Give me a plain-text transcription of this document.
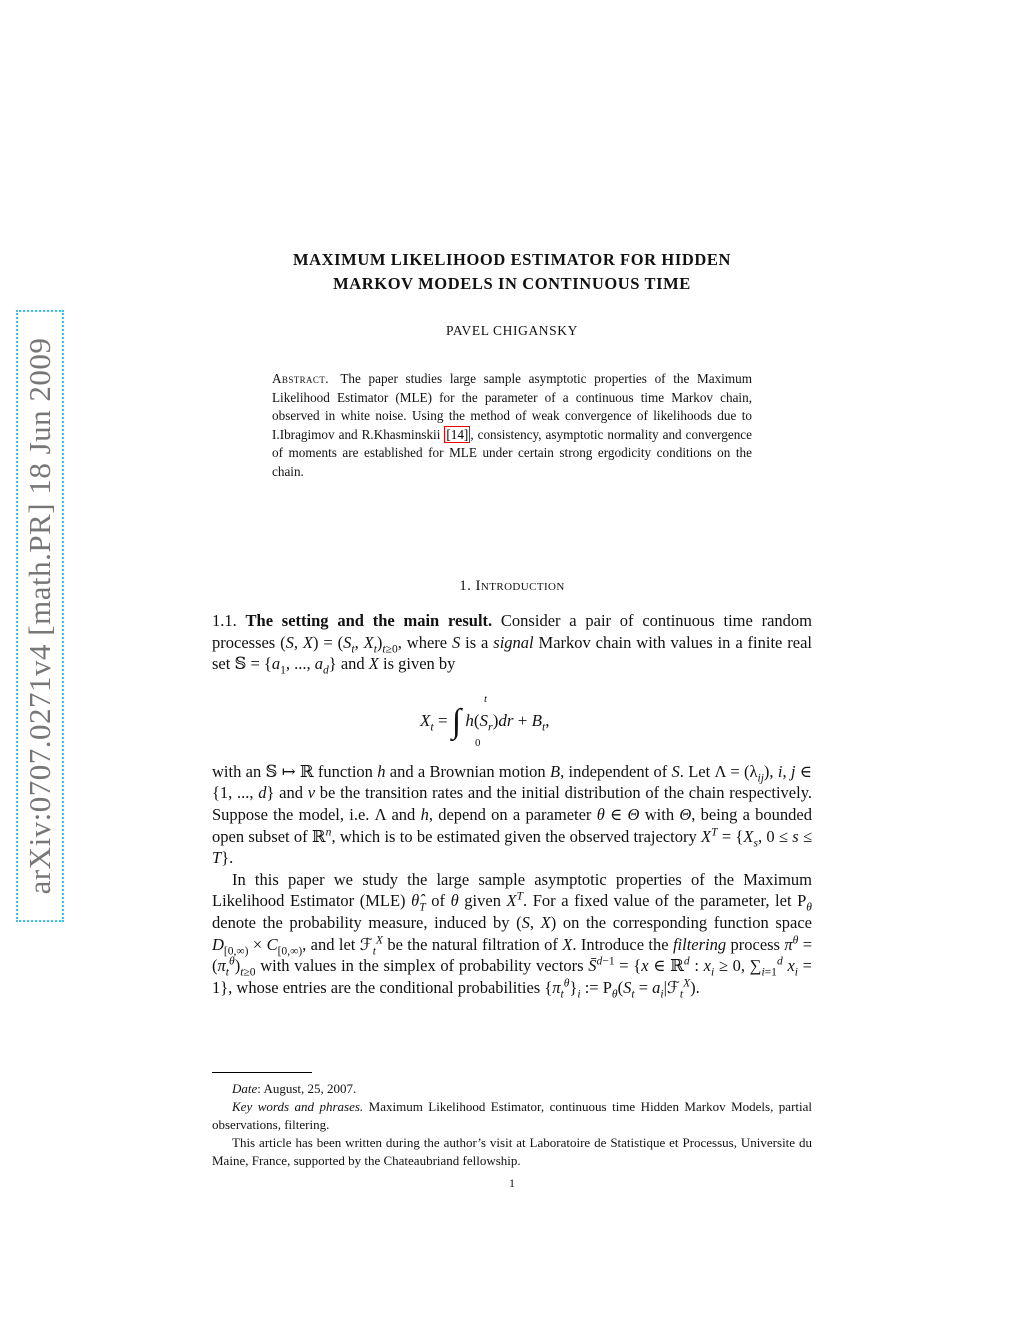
arXiv:0707.0271v4 [math.PR] 18 Jun 2009
MAXIMUM LIKELIHOOD ESTIMATOR FOR HIDDEN
MARKOV MODELS IN CONTINUOUS TIME
PAVEL CHIGANSKY
Abstract. The paper studies large sample asymptotic properties of the Maximum Likelihood Estimator (MLE) for the parameter of a continuous time Markov chain, observed in white noise. Using the method of weak convergence of likelihoods due to I.Ibragimov and R.Khasminskii [14] , consistency, asymptotic normality and convergence of moments are established for MLE under certain strong ergodicity conditions on the chain.
1. Introduction

1.1. The setting and the main result. Consider a pair of continuous time random processes (S, $X) = (S_t$, $X_t)_{t\ge 0}$, where S is a signal Markov chain with values in a finite real set 𝕊 = {$a_1$, ..., $a_d$} and X is given by

t
$X_t$ = ∫ $h(S_r)dr + B_t$,
0

with an 𝕊 ↦ ℝ function h and a Brownian motion B, independent of S. Let $\Lambda = (\lambda_{ij})$, i, j ∈ {1, ..., d} and ν be the transition rates and the initial distribution of the chain respectively. Suppose the model, i.e. Λ and h, depend on a parameter θ ∈ Θ with Θ, being a bounded open subset of ℝ$^n$, which is to be estimated given the observed trajectory $X^T = \{X_s$, 0 ≤ s ≤ T}.

In this paper we study the large sample asymptotic properties of the Maximum Likelihood Estimator (MLE) $\thetâ_T$ of θ given $X^T$. For a fixed value of the parameter, let $P_\theta$ denote the probability measure, induced by (S, X) on the corresponding function space $D_{[0,\infty)} \times C_{[0,\infty)}$, and let ℱ$_t^X$ be the natural filtration of X. Introduce the filtering process $\pi^\theta = (\pi_t^\theta)_{t\ge 0}$ with values in the simplex of probability vectors S̄$^{d-1}$ = {x ∈ ℝ$^d$ : $x_i \ge 0$, $\sum_{i=1}^d$ $x_i = 1$}, whose entries are the conditional probabilities $\{\pi_t^\theta\}_i$ := $P_\theta(S_t$ = $a_i|ℱ_t^X$).

Date: August, 25, 2007.

Key words and phrases. Maximum Likelihood Estimator, continuous time Hidden Markov Models, partial observations, filtering.

This article has been written during the author’s visit at Laboratoire de Statistique et Processus, Universite du Maine, France, supported by the Chateaubriand fellowship.

1
